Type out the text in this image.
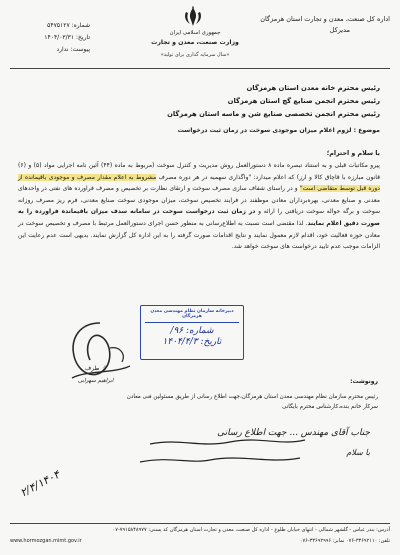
اداره کل صنعت، معدن و تجارت استان هرمزگان
مدیرکل
جمهوری اسلامی ایران
وزارت صنعت، معدن و تجارت
«سال سرمایه گذاری برای تولید»
شماره: ۵۴۷۵۱۲۷
تاریخ: ۱۴۰۴/۰۳/۳۱
پیوست: ندارد
رئیس محترم خانه معدن استان هرمزگان
رئیس محترم انجمن صنایع گچ استان هرمزگان
رئیس محترم انجمن تخصصی صنایع شن و ماسه استان هرمزگان
موضوع : لزوم اعلام میزان موجودی سوخت در زمان ثبت درخواست
با سلام و احترام؛
پیرو مکاتبات قبلی و به استناد تبصره ماده ۸ دستورالعمل روش مدیریت و کنترل سوخت (مربوط به ماده (۴۴) آئین نامه اجرایی مواد (۵) و (۶) قانون مبارزه با قاچاق کالا و ارز) که اعلام میدارد: "واگذاری سهمیه در هر دوره مصرف مشروط به اعلام مقدار مصرف و موجودی باقیمانده از دوره قبل توسط متقاضی است" و در راستای شفاف سازی مصرف سوخت و ارتقای نظارت بر تخصیص و مصرف فراورده های نفتی در واحدهای معدنی و صنایع معدنی، بهره‌برداران معادن موظفند در فرایند تخصیص سوخت، میزان موجودی سوخت صنایع معدنی، فرم ریز مصرف روزانه سوخت و برگه حواله سوخت دریافتی را ارائه و در زمان ثبت درخواست سوخت در سامانه سدف میزان باقیمانده فراورده را به صورت دقیق اعلام نمایند. لذا مقتضی است نسبت به اطلاع‌رسانی به منظور حسن اجرای دستورالعمل مرتبط با مصرف و تخصیص سوخت در معادن حوزه فعالیت خود، اقدام لازم معمول نمایند و نتایج اقدامات صورت گرفته را به این اداره کل گزارش نمایند. بدیهی است عدم رعایت این الزامات موجب عدم تایید درخواست های سوخت خواهد شد.
دبیرخانه سازمان نظام مهندسی معدن هرمزگان
شماره: ۹۶/
تاریخ: ۱۴۰۴/۴/۳
ابراهیم سهرابی
از طرف
رونوشت:
رئیس محترم سازمان نظام مهندسی معدن استان هرمزگان،جهت اطلاع رسانی از طریق مسئولین فنی معادن
سرکار خانم بنده،کارشناس محترم بایگانی
جناب آقای مهندس ... جهت اطلاع رسانی
با سلام
۲/۴/۱۴۰۴
آدرس: بندر عباس - گلشهر شمالی - انتهای خیابان طلوع - اداره کل صنعت، معدن و تجارت استان هرمزگان کد پستی: ۷۹۱۵۸۴۸۹۷۷-۰۷
www.hormozgan.mimt.gov.ir	تلفن: ۳۳۶۹۲۱۱۰-۰۷۶ نمابر: ۳۳۶۹۲۹۹۶-۰۷۶
